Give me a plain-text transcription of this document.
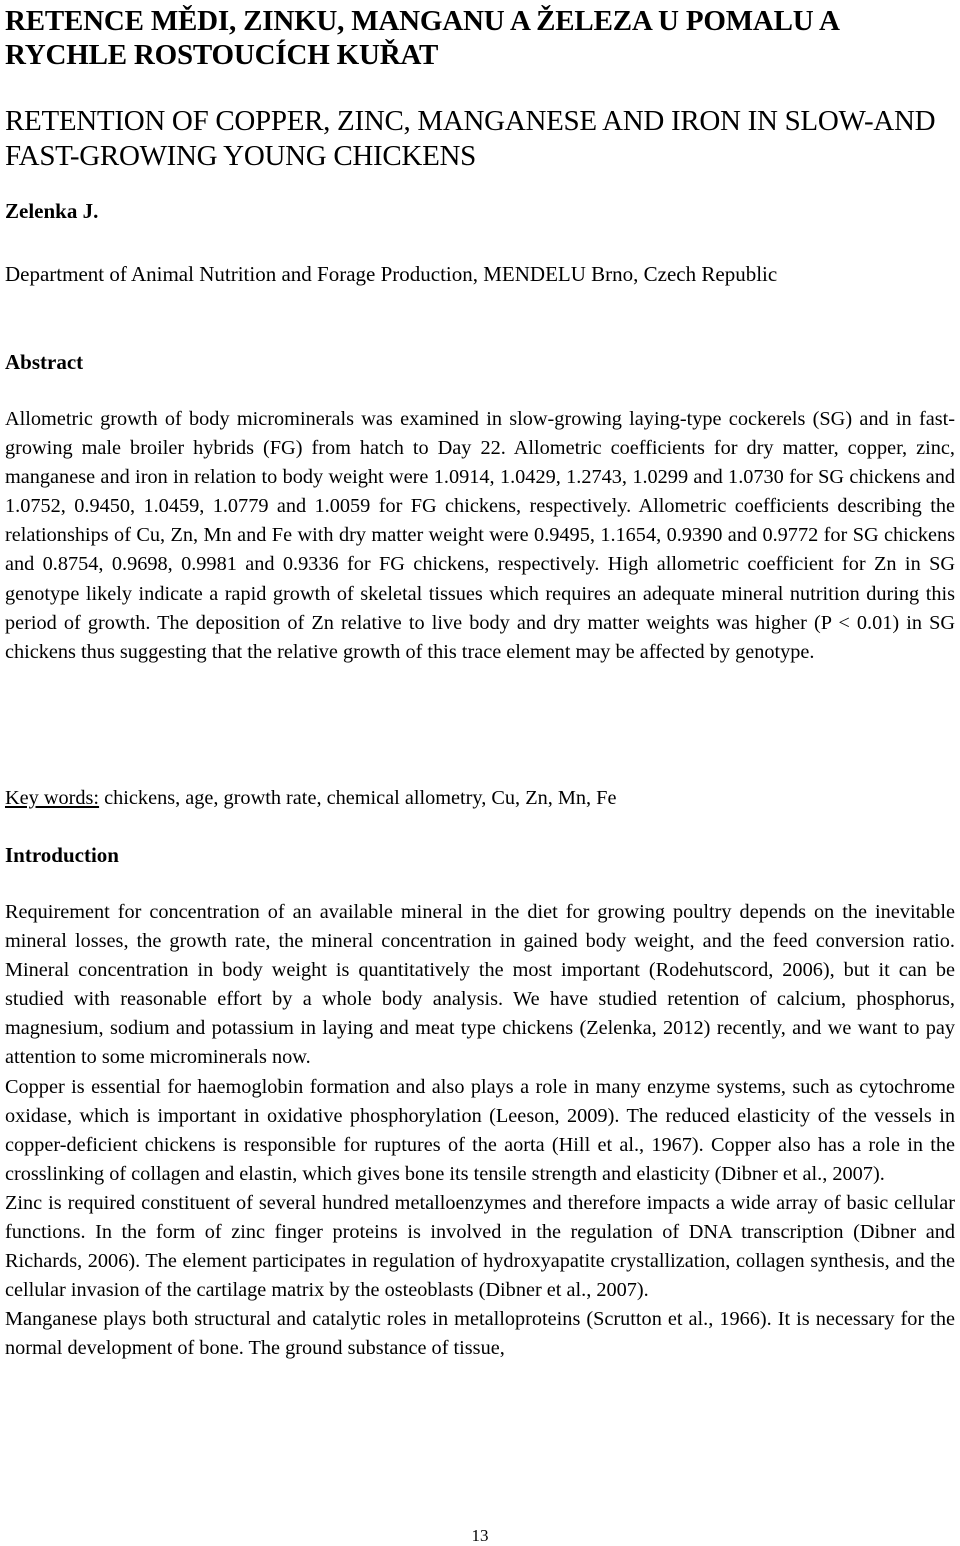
RETENCE MĚDI, ZINKU, MANGANU A ŽELEZA U POMALU A RYCHLE ROSTOUCÍCH KUŘAT
RETENTION OF COPPER, ZINC, MANGANESE AND IRON IN SLOW-AND FAST-GROWING YOUNG CHICKENS
Zelenka J.
Department of Animal Nutrition and Forage Production, MENDELU Brno, Czech Republic
Abstract

Allometric growth of body microminerals was examined in slow-growing laying-type cockerels (SG) and in fast-growing male broiler hybrids (FG) from hatch to Day 22. Allometric coefficients for dry matter, copper, zinc, manganese and iron in relation to body weight were 1.0914, 1.0429, 1.2743, 1.0299 and 1.0730 for SG chickens and 1.0752, 0.9450, 1.0459, 1.0779 and 1.0059 for FG chickens, respectively. Allometric coefficients describing the relationships of Cu, Zn, Mn and Fe with dry matter weight were 0.9495, 1.1654, 0.9390 and 0.9772 for SG chickens and 0.8754, 0.9698, 0.9981 and 0.9336 for FG chickens, respectively. High allometric coefficient for Zn in SG genotype likely indicate a rapid growth of skeletal tissues which requires an adequate mineral nutrition during this period of growth. The deposition of Zn relative to live body and dry matter weights was higher (P < 0.01) in SG chickens thus suggesting that the relative growth of this trace element may be affected by genotype.

Key words: chickens, age, growth rate, chemical allometry, Cu, Zn, Mn, Fe

Introduction

Requirement for concentration of an available mineral in the diet for growing poultry depends on the inevitable mineral losses, the growth rate, the mineral concentration in gained body weight, and the feed conversion ratio. Mineral concentration in body weight is quantitatively the most important (Rodehutscord, 2006), but it can be studied with reasonable effort by a whole body analysis. We have studied retention of calcium, phosphorus, magnesium, sodium and potassium in laying and meat type chickens (Zelenka, 2012) recently, and we want to pay attention to some microminerals now.

Copper is essential for haemoglobin formation and also plays a role in many enzyme systems, such as cytochrome oxidase, which is important in oxidative phosphorylation (Leeson, 2009). The reduced elasticity of the vessels in copper-deficient chickens is responsible for ruptures of the aorta (Hill et al., 1967). Copper also has a role in the crosslinking of collagen and elastin, which gives bone its tensile strength and elasticity (Dibner et al., 2007).

Zinc is required constituent of several hundred metalloenzymes and therefore impacts a wide array of basic cellular functions. In the form of zinc finger proteins is involved in the regulation of DNA transcription (Dibner and Richards, 2006). The element participates in regulation of hydroxyapatite crystallization, collagen synthesis, and the cellular invasion of the cartilage matrix by the osteoblasts (Dibner et al., 2007).

Manganese plays both structural and catalytic roles in metalloproteins (Scrutton et al., 1966). It is necessary for the normal development of bone. The ground substance of tissue,

13
